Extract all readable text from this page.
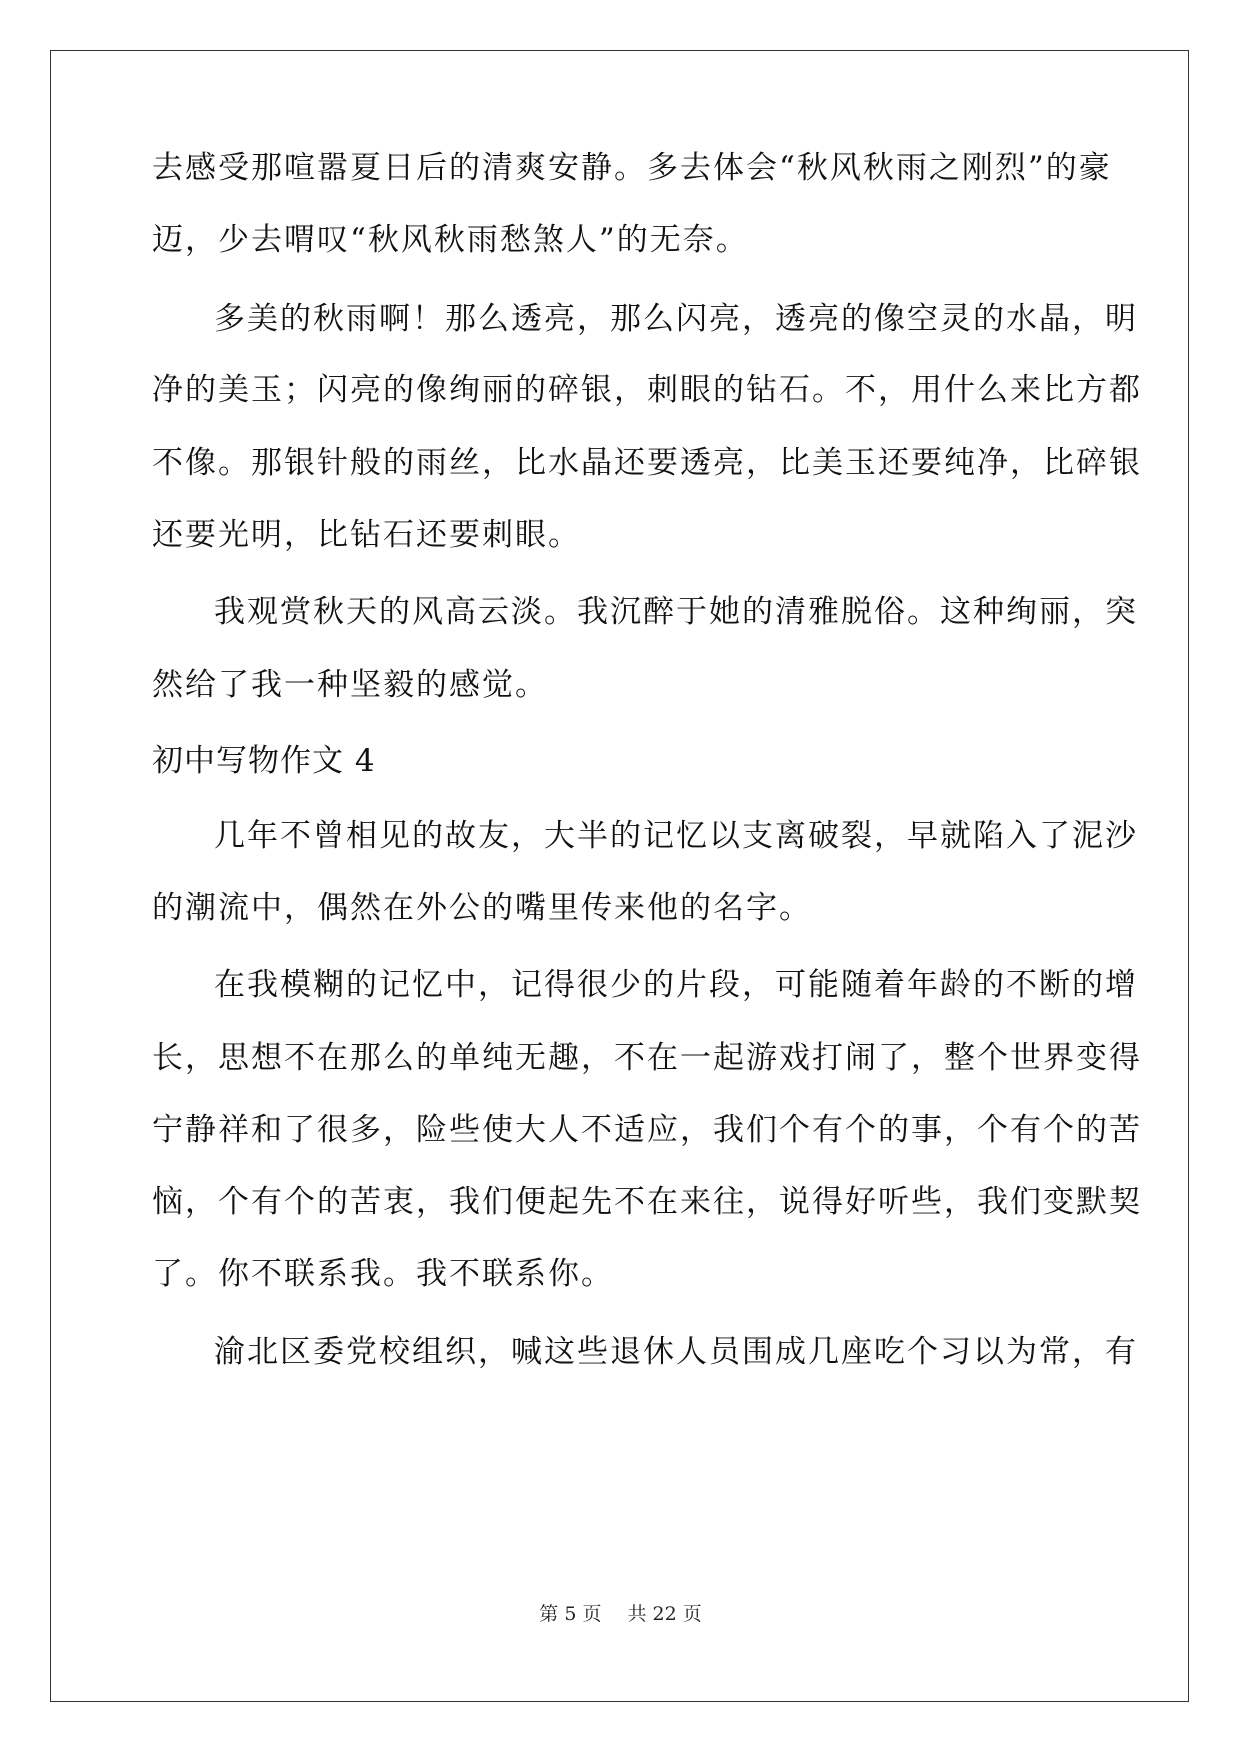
去感受那喧嚣夏日后的清爽安静。多去体会“秋风秋雨之刚烈”的豪
迈，少去喟叹“秋风秋雨愁煞人”的无奈。
多美的秋雨啊！那么透亮，那么闪亮，透亮的像空灵的水晶，明
净的美玉；闪亮的像绚丽的碎银，刺眼的钻石。不，用什么来比方都
不像。那银针般的雨丝，比水晶还要透亮，比美玉还要纯净，比碎银
还要光明，比钻石还要刺眼。
我观赏秋天的风高云淡。我沉醉于她的清雅脱俗。这种绚丽，突
然给了我一种坚毅的感觉。
初中写物作文 4
几年不曾相见的故友，大半的记忆以支离破裂，早就陷入了泥沙
的潮流中，偶然在外公的嘴里传来他的名字。
在我模糊的记忆中，记得很少的片段，可能随着年龄的不断的增
长，思想不在那么的单纯无趣，不在一起游戏打闹了，整个世界变得
宁静祥和了很多，险些使大人不适应，我们个有个的事，个有个的苦
恼，个有个的苦衷，我们便起先不在来往，说得好听些，我们变默契
了。你不联系我。我不联系你。
渝北区委党校组织，喊这些退休人员围成几座吃个习以为常，有
第 5 页 共 22 页
